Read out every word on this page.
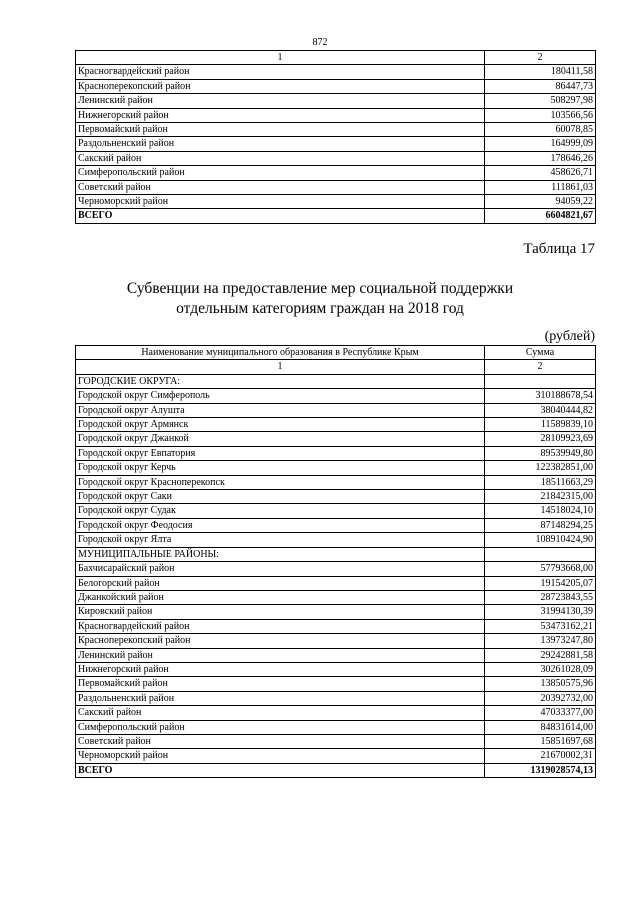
872
1	2
Красногвардейский район	180411,58
Красноперекопский район	86447,73
Ленинский район	508297,98
Нижнегорский район	103566,56
Первомайский район	60078,85
Раздольненский район	164999,09
Сакский район	178646,26
Симферопольский район	458626,71
Советский район	111861,03
Черноморский район	94059,22
ВСЕГО	6604821,67
Таблица 17
Субвенции на предоставление мер социальной поддержки
отдельным категориям граждан на 2018 год
(рублей)
Наименование муниципального образования в Республике Крым	Сумма
1	2
ГОРОДСКИЕ ОКРУГА:	
Городской округ Симферополь	310188678,54
Городской округ Алушта	38040444,82
Городской округ Армянск	11589839,10
Городской округ Джанкой	28109923,69
Городской округ Евпатория	89539949,80
Городской округ Керчь	122382851,00
Городской округ Красноперекопск	18511663,29
Городской округ Саки	21842315,00
Городской округ Судак	14518024,10
Городской округ Феодосия	87148294,25
Городской округ Ялта	108910424,90
МУНИЦИПАЛЬНЫЕ РАЙОНЫ:	
Бахчисарайский район	57793668,00
Белогорский район	19154205,07
Джанкойский район	28723843,55
Кировский район	31994130,39
Красногвардейский район	53473162,21
Красноперекопский район	13973247,80
Ленинский район	29242881,58
Нижнегорский район	30261028,09
Первомайский район	13850575,96
Раздольненский район	20392732,00
Сакский район	47033377,00
Симферопольский район	84831614,00
Советский район	15851697,68
Черноморский район	21670002,31
ВСЕГО	1319028574,13
